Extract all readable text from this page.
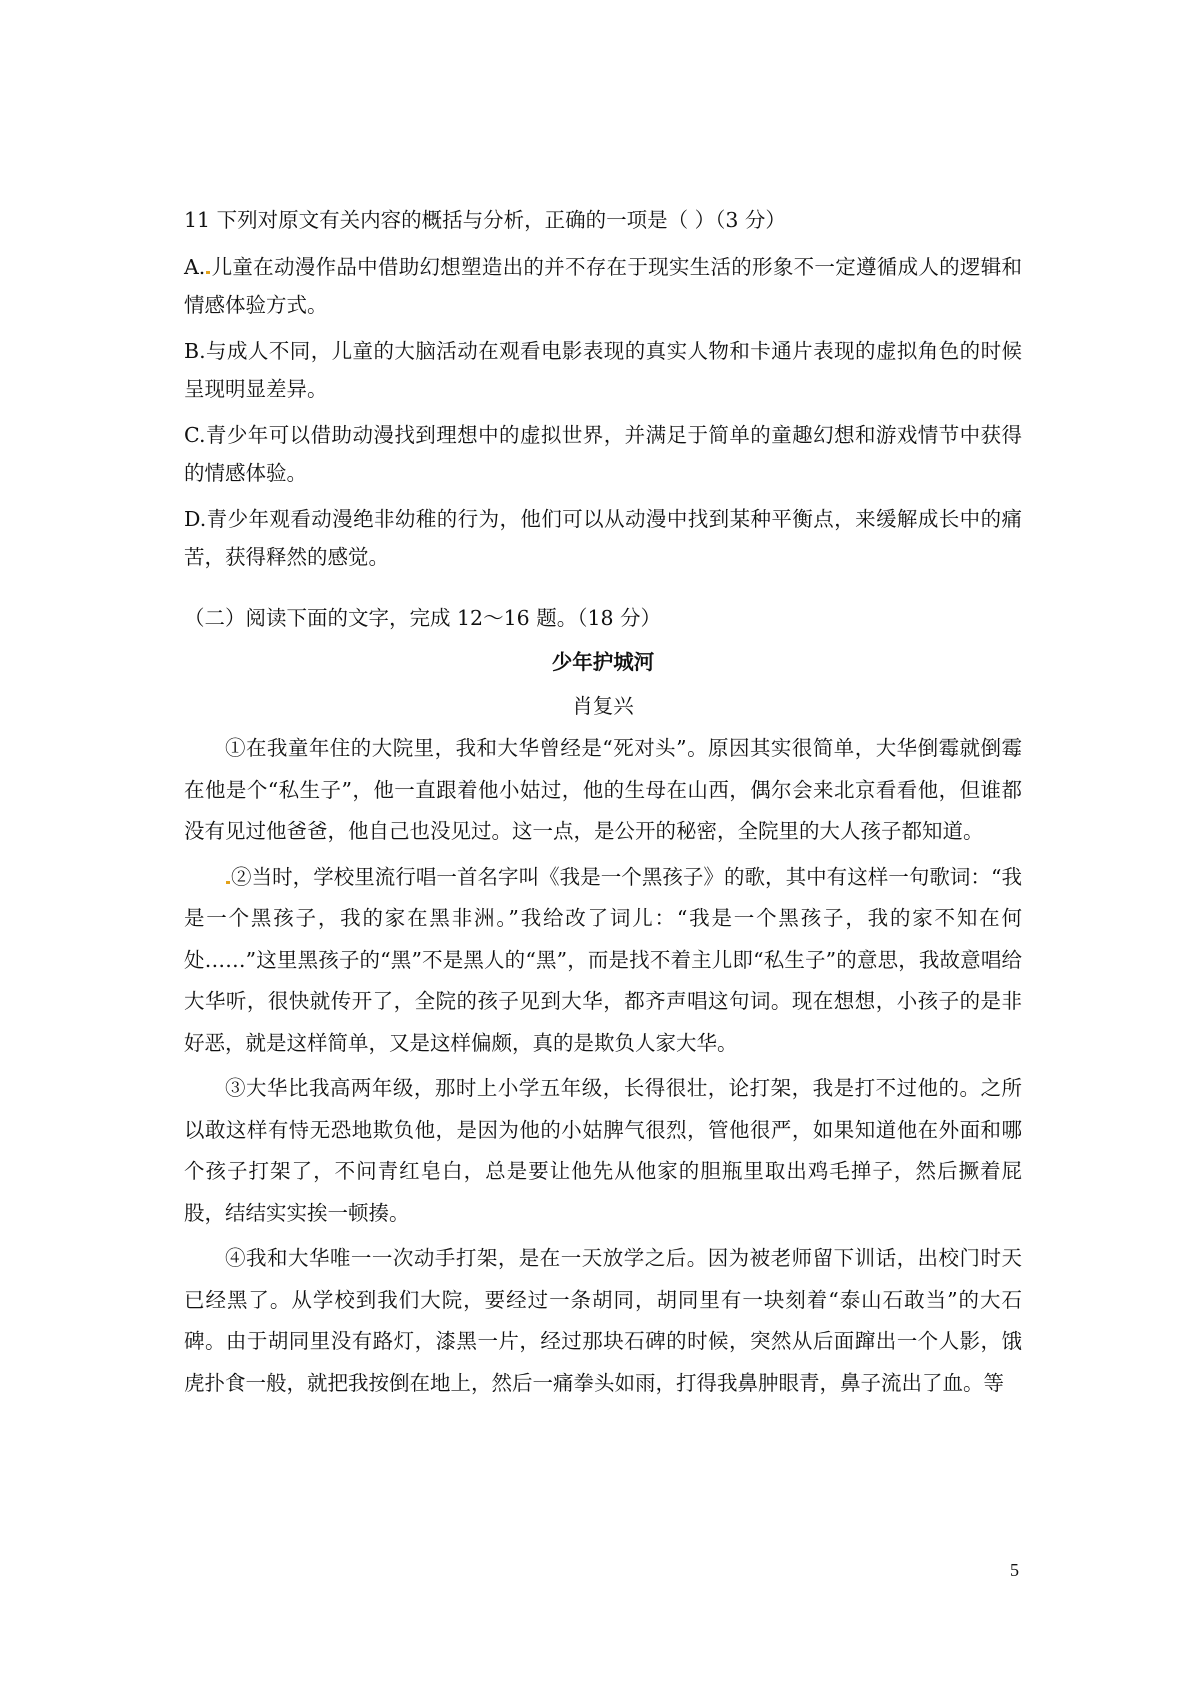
11 下列对原文有关内容的概括与分析，正确的一项是（ ）（3 分）

A. 儿童在动漫作品中借助幻想塑造出的并不存在于现实生活的形象不一定遵循成人的逻辑和情感体验方式。

B.与成人不同，儿童的大脑活动在观看电影表现的真实人物和卡通片表现的虚拟角色的时候呈现明显差异。

C.青少年可以借助动漫找到理想中的虚拟世界，并满足于简单的童趣幻想和游戏情节中获得的情感体验。

D.青少年观看动漫绝非幼稚的行为，他们可以从动漫中找到某种平衡点，来缓解成长中的痛苦，获得释然的感觉。

（二）阅读下面的文字，完成 12～16 题。（18 分）

少年护城河

肖复兴

①在我童年住的大院里，我和大华曾经是“死对头”。原因其实很简单，大华倒霉就倒霉在他是个“私生子”，他一直跟着他小姑过，他的生母在山西，偶尔会来北京看看他，但谁都没有见过他爸爸，他自己也没见过。这一点，是公开的秘密，全院里的大人孩子都知道。

②当时，学校里流行唱一首名字叫《我是一个黑孩子》的歌，其中有这样一句歌词：“我是一个黑孩子，我的家在黑非洲。”我给改了词儿：“我是一个黑孩子，我的家不知在何处……”这里黑孩子的“黑”不是黑人的“黑”，而是找不着主儿即“私生子”的意思，我故意唱给大华听，很快就传开了，全院的孩子见到大华，都齐声唱这句词。现在想想，小孩子的是非好恶，就是这样简单，又是这样偏颇，真的是欺负人家大华。

③大华比我高两年级，那时上小学五年级，长得很壮，论打架，我是打不过他的。之所以敢这样有恃无恐地欺负他，是因为他的小姑脾气很烈，管他很严，如果知道他在外面和哪个孩子打架了，不问青红皂白，总是要让他先从他家的胆瓶里取出鸡毛掸子，然后撅着屁股，结结实实挨一顿揍。

④我和大华唯一一次动手打架，是在一天放学之后。因为被老师留下训话，出校门时天已经黑了。从学校到我们大院，要经过一条胡同，胡同里有一块刻着“泰山石敢当”的大石碑。由于胡同里没有路灯，漆黑一片，经过那块石碑的时候，突然从后面蹿出一个人影，饿虎扑食一般，就把我按倒在地上，然后一痛拳头如雨，打得我鼻肿眼青，鼻子流出了血。等

5
